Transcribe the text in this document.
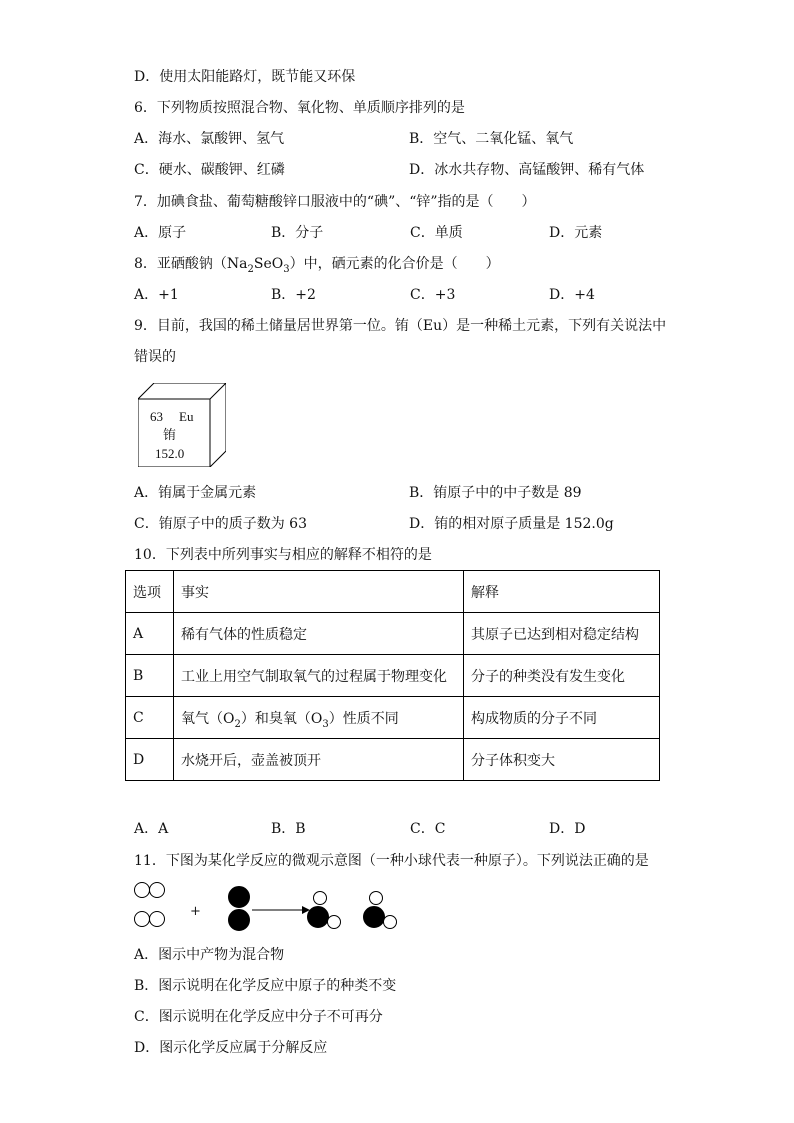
D．使用太阳能路灯，既节能又环保
6．下列物质按照混合物、氧化物、单质顺序排列的是
A．海水、氯酸钾、氢气	B．空气、二氧化锰、氧气
C．硬水、碳酸钾、红磷	D．冰水共存物、高锰酸钾、稀有气体
7．加碘食盐、葡萄糖酸锌口服液中的“碘”、“锌”指的是（　　）
A．原子	B．分子	C．单质	D．元素
8．亚硒酸钠$(Na_2SeO_3)$中，硒元素的化合价是（　　）
A．+1	B．+2	C．+3	D．+4
9．目前，我国的稀土储量居世界第一位。铕（Eu）是一种稀土元素，下列有关说法中
错误的
63 Eu
铕
152.0
A．铕属于金属元素	B．铕原子中的中子数是 89
C．铕原子中的质子数为 63	D．铕的相对原子质量是 152.0g
10．下列表中所列事实与相应的解释不相符的是
选项	事实	解释
A	稀有气体的性质稳定	其原子已达到相对稳定结构
B	工业上用空气制取氧气的过程属于物理变化	分子的种类没有发生变化
C	氧气$(O_2)$和臭氧$(O_3)$性质不同	构成物质的分子不同
D	水烧开后，壶盖被顶开	分子体积变大
A．A	B．B	C．C	D．D
11．下图为某化学反应的微观示意图（一种小球代表一种原子）。下列说法正确的是
+
A．图示中产物为混合物
B．图示说明在化学反应中原子的种类不变
C．图示说明在化学反应中分子不可再分
D．图示化学反应属于分解反应
